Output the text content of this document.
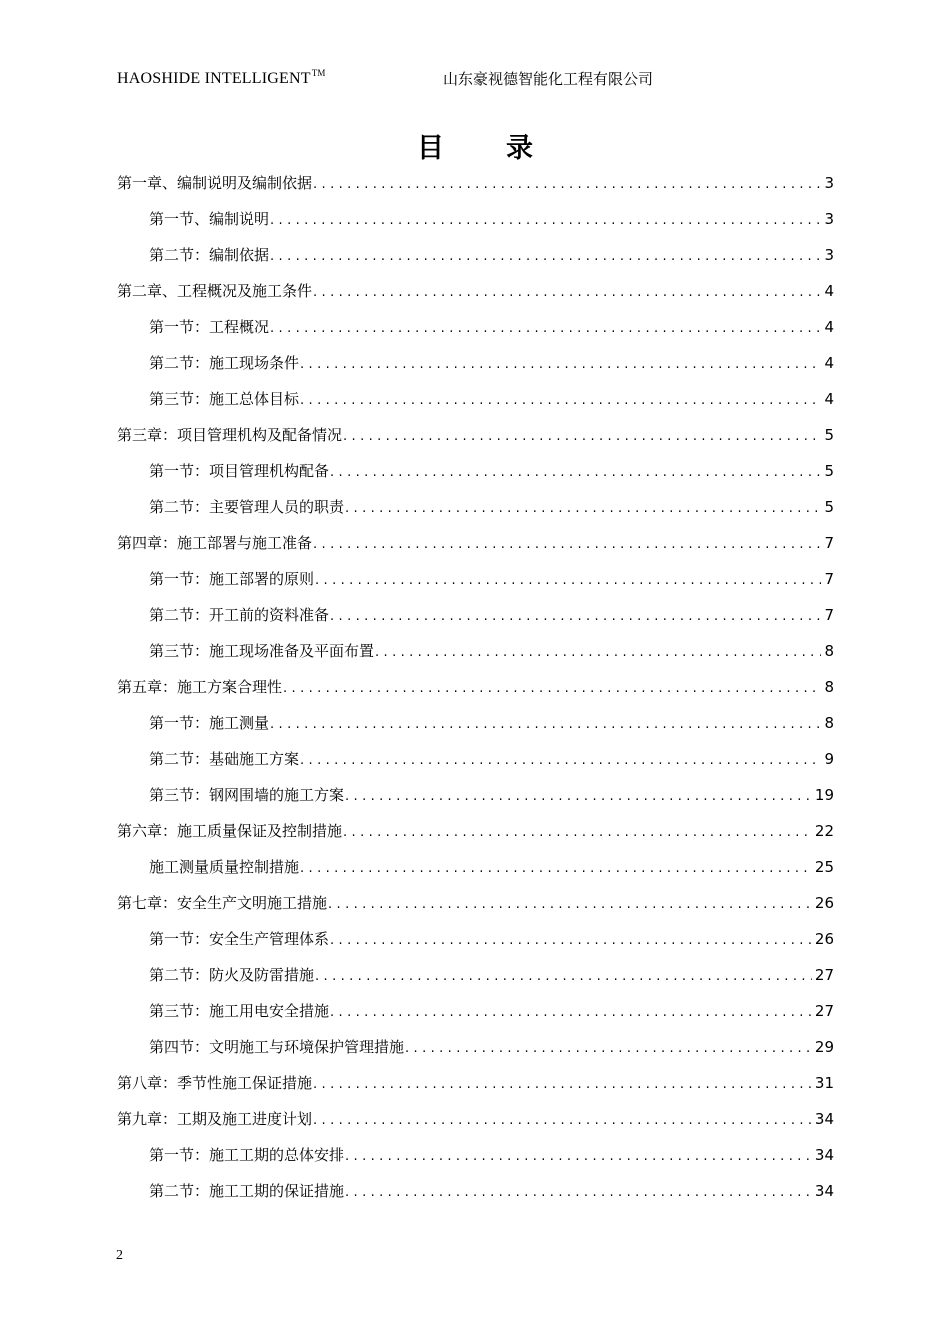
HAOSHIDE INTELLIGENT™	山东豪视德智能化工程有限公司
目录
第一章、编制说明及编制依据 .....	3
第一节、编制说明 .....	3
第二节：编制依据 .....	3
第二章、工程概况及施工条件 .....	4
第一节：工程概况 .....	4
第二节：施工现场条件 .....	4
第三节：施工总体目标 .....	4
第三章：项目管理机构及配备情况 .....	5
第一节：项目管理机构配备 .....	5
第二节：主要管理人员的职责 .....	5
第四章：施工部署与施工准备 .....	7
第一节：施工部署的原则 .....	7
第二节：开工前的资料准备 .....	7
第三节：施工现场准备及平面布置 .....	8
第五章：施工方案合理性 .....	8
第一节：施工测量 .....	8
第二节：基础施工方案 .....	9
第三节：钢网围墙的施工方案 .....	19
第六章：施工质量保证及控制措施 .....	22
施工测量质量控制措施 .....	25
第七章：安全生产文明施工措施 .....	26
第一节：安全生产管理体系 .....	26
第二节：防火及防雷措施 .....	27
第三节：施工用电安全措施 .....	27
第四节：文明施工与环境保护管理措施 .....	29
第八章：季节性施工保证措施 .....	31
第九章：工期及施工进度计划 .....	34
第一节：施工工期的总体安排 .....	34
第二节：施工工期的保证措施 .....	34
2
